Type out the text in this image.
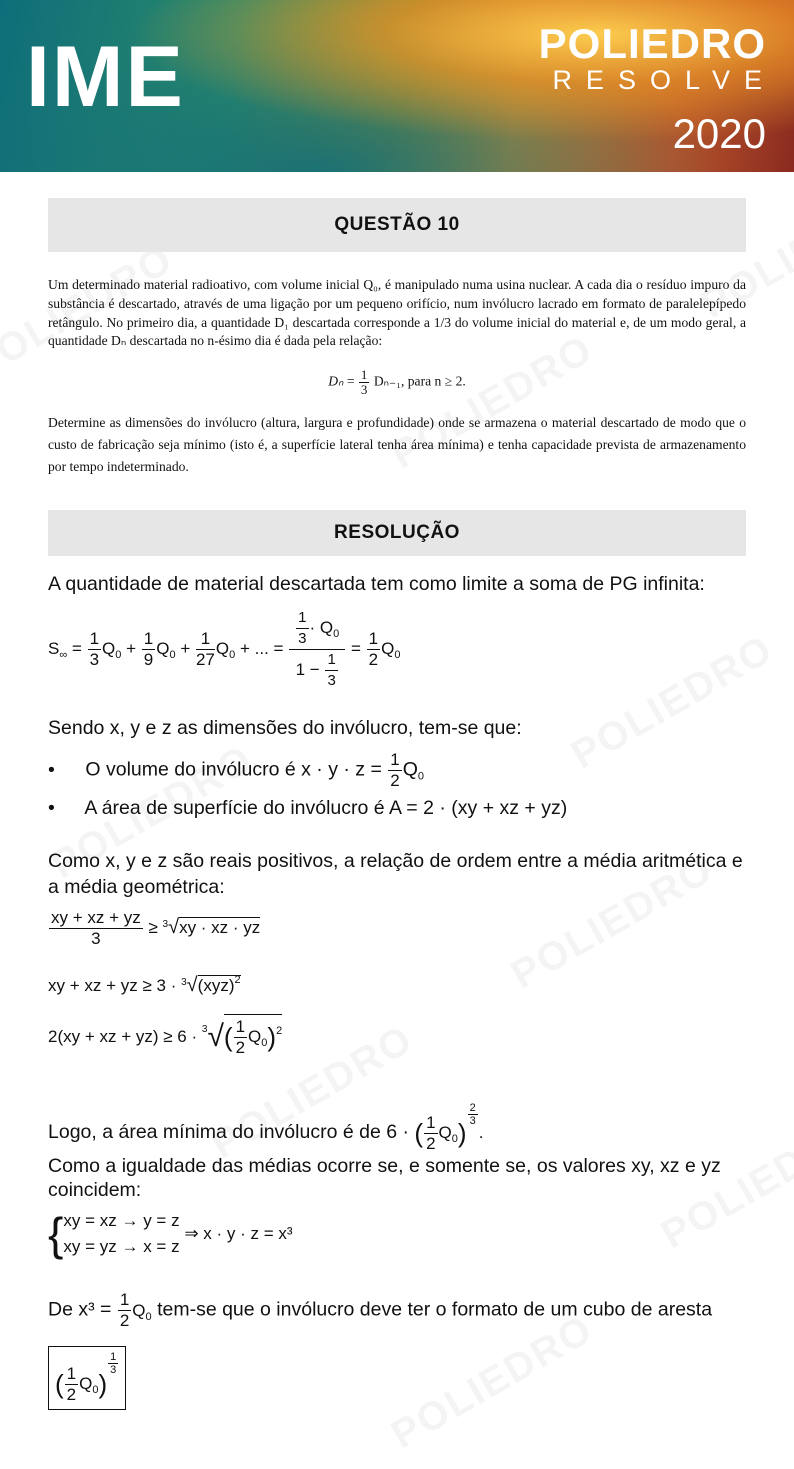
IME	POLIEDRO
RESOLVE
2020
QUESTÃO 10
Um determinado material radioativo, com volume inicial Q₀, é manipulado numa usina nuclear. A cada dia o resíduo impuro da substância é descartado, através de uma ligação por um pequeno orifício, num invólucro lacrado em formato de paralelepípedo retângulo. No primeiro dia, a quantidade D₁ descartada corresponde a 1/3 do volume inicial do material e, de um modo geral, a quantidade Dₙ descartada no n-ésimo dia é dada pela relação:
$D_n = \frac{1}{3} D_{n-1}$, para n ≥ 2.
Determine as dimensões do invólucro (altura, largura e profundidade) onde se armazena o material descartado de modo que o custo de fabricação seja mínimo (isto é, a superfície lateral tenha área mínima) e tenha capacidade prevista de armazenamento por tempo indeterminado.
RESOLUÇÃO
A quantidade de material descartada tem como limite a soma de PG infinita:
$S_\infty = \frac{1}{3} Q_0 + \frac{1}{9} Q_0 + \frac{1}{27} Q_0$ + ... = $\frac{\frac{1}{3} \cdot Q_0}{1 - \frac{1}{3}} = \frac{1}{2} Q_0$
Sendo x, y e z as dimensões do invólucro, tem-se que:
• O volume do invólucro é $x \cdot y \cdot z = \frac{1}{2} Q_0$
• A área de superfície do invólucro é A = 2 · (xy + xz + yz)
Como x, y e z são reais positivos, a relação de ordem entre a média aritmética e a média geométrica:
$\frac{xy + xz + yz}{3} \ge ^3√xy$ · xz · yz
xy + xz + yz ≥ 3 · $^3$√(xyz)$^2$
2(xy + xz + $yz) \ge 6 \cdot ^3√( \frac{1}{2} Q_0)^2$
Logo, a área mínima do invólucro é de 6 · ( $\frac{1}{2} Q_0$)
$\frac{2}{3}$
.
Como a igualdade das médias ocorre se, e somente se, os valores xy, xz e yz coincidem:
{ xy = xz → y = z
xy = yz → x = z
⇒ x · y · z = x³
De $x^3 = \frac{1}{2} Q_0$ tem-se que o invólucro deve ter o formato de um cubo de aresta
( $\frac{1}{2} Q_0$)
$\frac{1}{3}$
